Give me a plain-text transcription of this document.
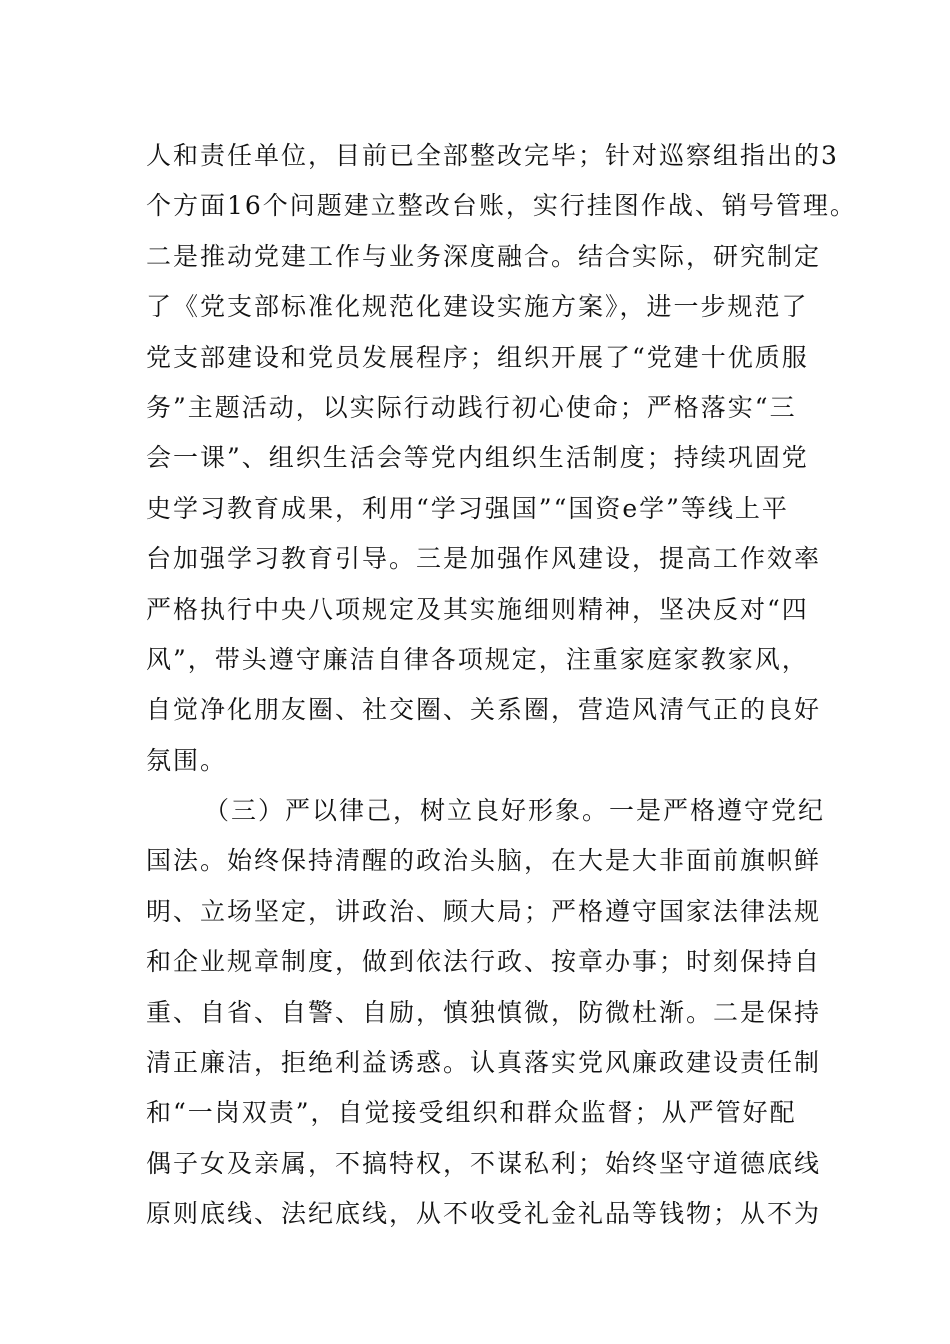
人和责任单位，目前已全部整改完毕；针对巡察组指出的3
个方面16个问题建立整改台账，实行挂图作战、销号管理。
二是推动党建工作与业务深度融合。结合实际，研究制定
了《党支部标准化规范化建设实施方案》，进一步规范了
党支部建设和党员发展程序；组织开展了“党建十优质服
务”主题活动，以实际行动践行初心使命；严格落实“三
会一课”、组织生活会等党内组织生活制度；持续巩固党
史学习教育成果，利用“学习强国”“国资e学”等线上平
台加强学习教育引导。三是加强作风建设，提高工作效率
严格执行中央八项规定及其实施细则精神，坚决反对“四
风”，带头遵守廉洁自律各项规定，注重家庭家教家风，
自觉净化朋友圈、社交圈、关系圈，营造风清气正的良好
氛围。
（三）严以律己，树立良好形象。一是严格遵守党纪
国法。始终保持清醒的政治头脑，在大是大非面前旗帜鲜
明、立场坚定，讲政治、顾大局；严格遵守国家法律法规
和企业规章制度，做到依法行政、按章办事；时刻保持自
重、自省、自警、自励，慎独慎微，防微杜渐。二是保持
清正廉洁，拒绝利益诱惑。认真落实党风廉政建设责任制
和“一岗双责”，自觉接受组织和群众监督；从严管好配
偶子女及亲属，不搞特权，不谋私利；始终坚守道德底线
原则底线、法纪底线，从不收受礼金礼品等钱物；从不为
